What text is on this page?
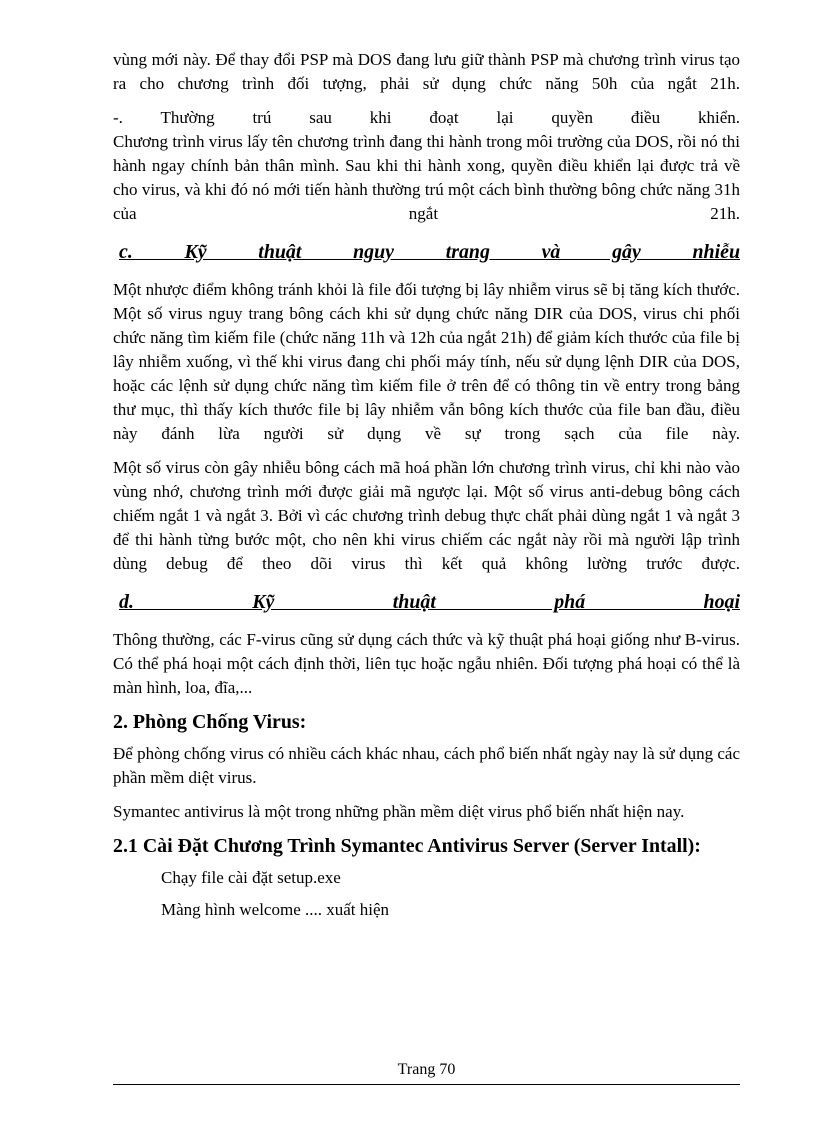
vùng mới này. Để thay đổi PSP mà DOS đang lưu giữ thành PSP mà chương trình virus tạo ra cho chương trình đối tượng, phải sử dụng chức năng 50h của ngắt 21h.

-. Thường trú sau khi đoạt lại quyền điều khiển.

Chương trình virus lấy tên chương trình đang thi hành trong môi trường của DOS, rồi nó thi hành ngay chính bản thân mình. Sau khi thi hành xong, quyền điều khiển lại được trả về cho virus, và khi đó nó mới tiến hành thường trú một cách bình thường bông chức năng 31h của ngắt 21h.

c. Kỹ thuật nguy trang và gây nhiễu

Một nhược điểm không tránh khỏi là file đối tượng bị lây nhiễm virus sẽ bị tăng kích thước. Một số virus nguy trang bông cách khi sử dụng chức năng DIR của DOS, virus chi phối chức năng tìm kiếm file (chức năng 11h và 12h của ngắt 21h) để giảm kích thước của file bị lây nhiễm xuống, vì thế khi virus đang chi phối máy tính, nếu sử dụng lệnh DIR của DOS, hoặc các lệnh sử dụng chức năng tìm kiếm file ở trên để có thông tin về entry trong bảng thư mục, thì thấy kích thước file bị lây nhiễm vẫn bông kích thước của file ban đầu, điều này đánh lừa người sử dụng về sự trong sạch của file này.

Một số virus còn gây nhiễu bông cách mã hoá phần lớn chương trình virus, chỉ khi nào vào vùng nhớ, chương trình mới được giải mã ngược lại. Một số virus anti-debug bông cách chiếm ngắt 1 và ngắt 3. Bởi vì các chương trình debug thực chất phải dùng ngắt 1 và ngắt 3 để thi hành từng bước một, cho nên khi virus chiếm các ngắt này rồi mà người lập trình dùng debug để theo dõi virus thì kết quả không lường trước được.

d. Kỹ thuật phá hoại

Thông thường, các F-virus cũng sử dụng cách thức và kỹ thuật phá hoại giống như B-virus. Có thể phá hoại một cách định thời, liên tục hoặc ngẫu nhiên. Đối tượng phá hoại có thể là màn hình, loa, đĩa,...

2. Phòng Chống Virus:

Để phòng chống virus có nhiều cách khác nhau, cách phổ biến nhất ngày nay là sử dụng các phần mềm diệt virus.

Symantec antivirus là một trong những phần mềm diệt virus phổ biến nhất hiện nay.

2.1 Cài Đặt Chương Trình Symantec Antivirus Server (Server Intall):

Chạy file cài đặt setup.exe

Màng hình welcome .... xuất hiện

Trang 70
